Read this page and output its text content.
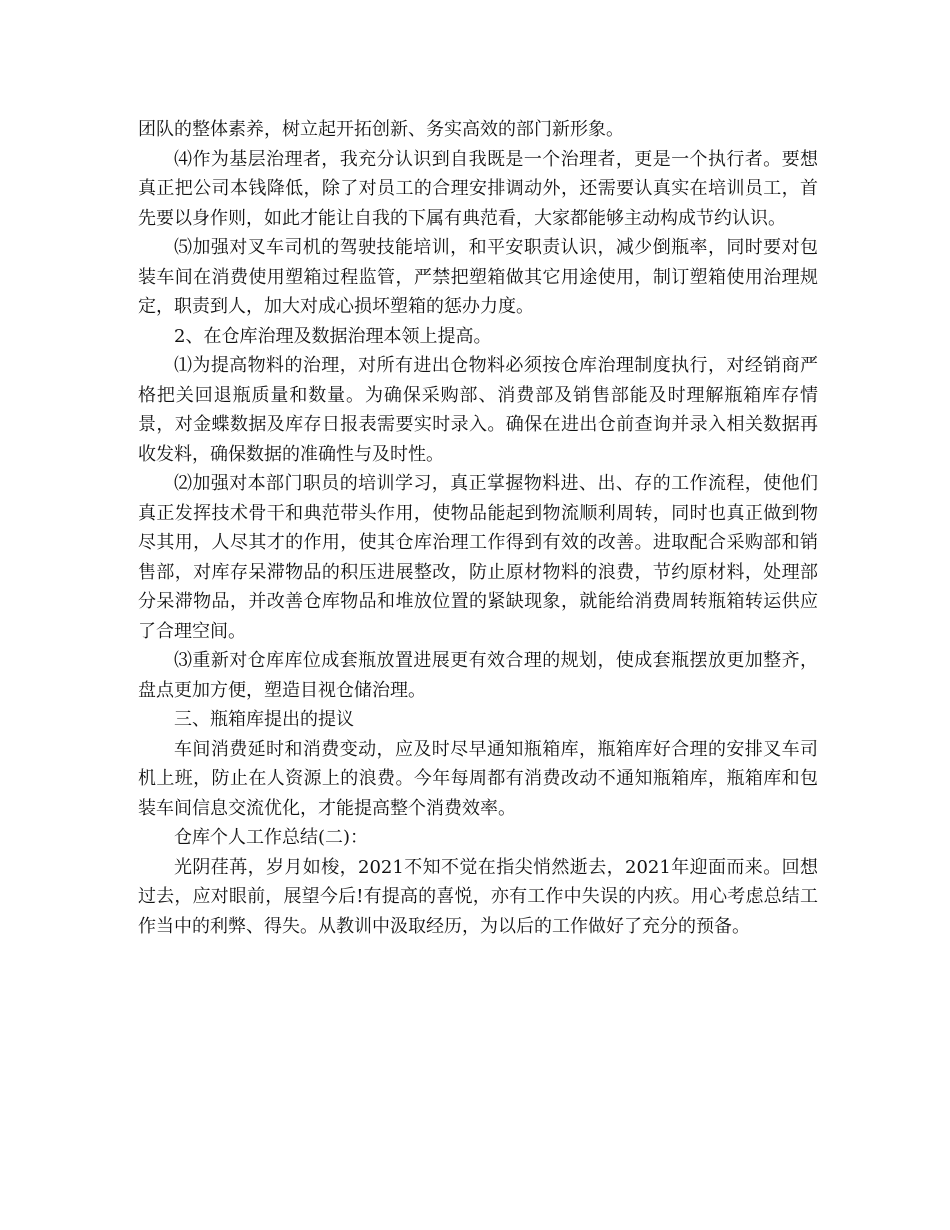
团队的整体素养，树立起开拓创新、务实高效的部门新形象。

⑷作为基层治理者，我充分认识到自我既是一个治理者，更是一个执行者。要想真正把公司本钱降低，除了对员工的合理安排调动外，还需要认真实在培训员工，首先要以身作则，如此才能让自我的下属有典范看，大家都能够主动构成节约认识。

⑸加强对叉车司机的驾驶技能培训，和平安职责认识，减少倒瓶率，同时要对包装车间在消费使用塑箱过程监管，严禁把塑箱做其它用途使用，制订塑箱使用治理规定，职责到人，加大对成心损坏塑箱的惩办力度。

2、在仓库治理及数据治理本领上提高。

⑴为提高物料的治理，对所有进出仓物料必须按仓库治理制度执行，对经销商严格把关回退瓶质量和数量。为确保采购部、消费部及销售部能及时理解瓶箱库存情景，对金蝶数据及库存日报表需要实时录入。确保在进出仓前查询并录入相关数据再收发料，确保数据的准确性与及时性。

⑵加强对本部门职员的培训学习，真正掌握物料进、出、存的工作流程，使他们真正发挥技术骨干和典范带头作用，使物品能起到物流顺利周转，同时也真正做到物尽其用，人尽其才的作用，使其仓库治理工作得到有效的改善。进取配合采购部和销售部，对库存呆滞物品的积压进展整改，防止原材物料的浪费，节约原材料，处理部分呆滞物品，并改善仓库物品和堆放位置的紧缺现象，就能给消费周转瓶箱转运供应了合理空间。

⑶重新对仓库库位成套瓶放置进展更有效合理的规划，使成套瓶摆放更加整齐，盘点更加方便，塑造目视仓储治理。

三、瓶箱库提出的提议

车间消费延时和消费变动，应及时尽早通知瓶箱库，瓶箱库好合理的安排叉车司机上班，防止在人资源上的浪费。今年每周都有消费改动不通知瓶箱库，瓶箱库和包装车间信息交流优化，才能提高整个消费效率。

仓库个人工作总结(二)：

光阴荏苒，岁月如梭，2021不知不觉在指尖悄然逝去，2021年迎面而来。回想过去，应对眼前，展望今后!有提高的喜悦，亦有工作中失误的内疚。用心考虑总结工作当中的利弊、得失。从教训中汲取经历，为以后的工作做好了充分的预备。
